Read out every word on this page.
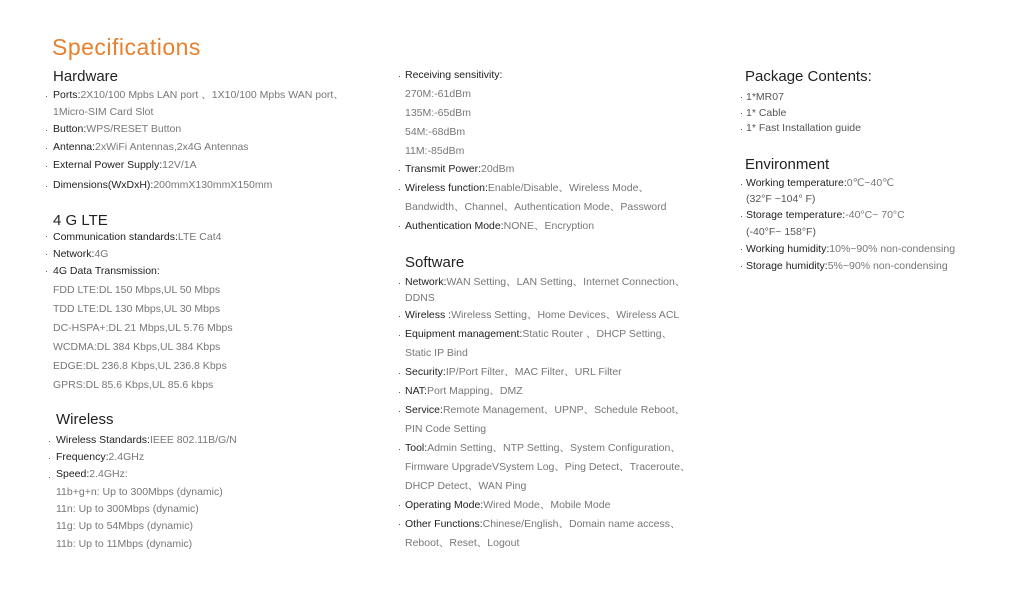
Specifications
Hardware
· Ports:2X10/100 Mpbs LAN port 、1X10/100 Mpbs WAN port、
1Micro-SIM Card Slot
· Button:WPS/RESET Button
· Antenna:2xWiFi Antennas,2x4G Antennas
· External Power Supply:12V/1A
· Dimensions(WxDxH):200mmX130mmX150mm
4 G LTE
· Communication standards:LTE Cat4
· Network:4G
· 4G Data Transmission:
FDD LTE:DL 150 Mbps,UL 50 Mbps
TDD LTE:DL 130 Mbps,UL 30 Mbps
DC-HSPA+:DL 21 Mbps,UL 5.76 Mbps
WCDMA:DL 384 Kbps,UL 384 Kbps
EDGE:DL 236.8 Kbps,UL 236.8 Kbps
GPRS:DL 85.6 Kbps,UL 85.6 kbps
Wireless
· Wireless Standards:IEEE 802.11B/G/N
· Frequency:2.4GHz
· Speed:2.4GHz:
11b+g+n: Up to 300Mbps (dynamic)
11n: Up to 300Mbps (dynamic)
11g: Up to 54Mbps (dynamic)
11b: Up to 11Mbps (dynamic)
· Receiving sensitivity:
270M:-61dBm
135M:-65dBm
54M:-68dBm
11M:-85dBm
· Transmit Power:20dBm
· Wireless function:Enable/Disable、Wireless Mode、
Bandwidth、Channel、Authentication Mode、Password
· Authentication Mode:NONE、Encryption
Software
· Network:WAN Setting、LAN Setting、Internet Connection、
DDNS
· Wireless :Wireless Setting、Home Devices、Wireless ACL
· Equipment management:Static Router 、DHCP Setting、
Static IP Bind
· Security:IP/Port Filter、MAC Filter、URL Filter
· NAT:Port Mapping、DMZ
· Service:Remote Management、UPNP、Schedule Reboot、
PIN Code Setting
· Tool:Admin Setting、NTP Setting、System Configuration、
Firmware UpgradeVSystem Log、Ping Detect、Traceroute、
DHCP Detect、WAN Ping
· Operating Mode:Wired Mode、Mobile Mode
· Other Functions:Chinese/English、Domain name access、
Reboot、Reset、Logout
Package Contents:
· 1*MR07
· 1* Cable
· 1* Fast Installation guide
Environment
· Working temperature:0℃~40℃
(32°F ~104° F)
· Storage temperature:-40°C~ 70°C
(-40°F~ 158°F)
· Working humidity:10%~90% non-condensing
· Storage humidity:5%~90% non-condensing
